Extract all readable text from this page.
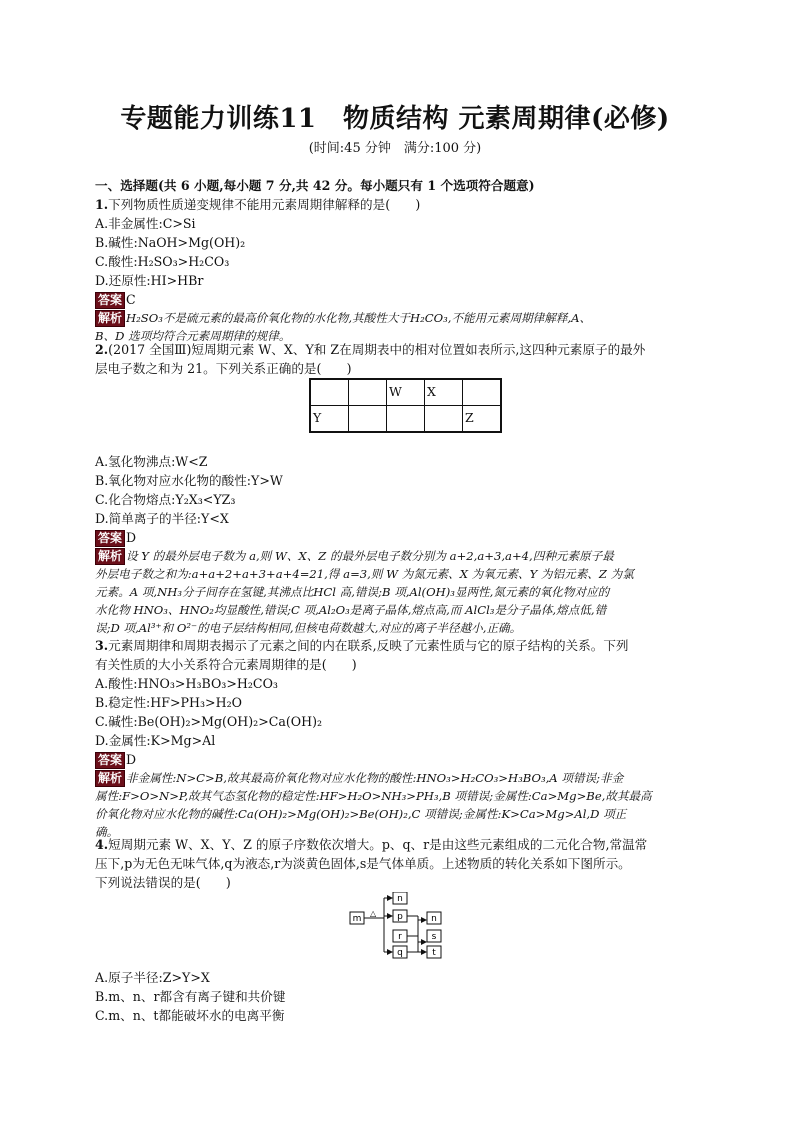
专题能力训练11　物质结构 元素周期律(必修)
(时间:45 分钟　满分:100 分)
一、选择题(共 6 小题,每小题 7 分,共 42 分。每小题只有 1 个选项符合题意)
1.下列物质性质递变规律不能用元素周期律解释的是(　　)
A.非金属性:C>Si
B.碱性:NaOH>Mg(OH)₂
C.酸性:H₂SO₃>H₂CO₃
D.还原性:HI>HBr
答案 C
解析 H₂SO₃不是硫元素的最高价氧化物的水化物,其酸性大于H₂CO₃,不能用元素周期律解释,A、
B、D 选项均符合元素周期律的规律。
2.(2017 全国Ⅲ)短周期元素 W、X、Y和 Z在周期表中的相对位置如表所示,这四种元素原子的最外
层电子数之和为 21。下列关系正确的是(　　)
		W	X	
Y				Z
A.氢化物沸点:W<Z
B.氧化物对应水化物的酸性:Y>W
C.化合物熔点:Y₂X₃<YZ₃
D.简单离子的半径:Y<X
答案 D
解析 设 Y 的最外层电子数为 a,则 W、X、Z 的最外层电子数分别为 a+2,a+3,a+4,四种元素原子最
外层电子数之和为:a+a+2+a+3+a+4=21,得 a=3,则 W 为氮元素、X 为氧元素、Y 为铝元素、Z 为氯
元素。A 项,NH₃分子间存在氢键,其沸点比HCl 高,错误;B 项,Al(OH)₃显两性,氮元素的氧化物对应的
水化物 HNO₃、HNO₂均显酸性,错误;C 项,Al₂O₃是离子晶体,熔点高,而 AlCl₃是分子晶体,熔点低,错
误;D 项,Al³⁺和 O²⁻的电子层结构相同,但核电荷数越大,对应的离子半径越小,正确。
3.元素周期律和周期表揭示了元素之间的内在联系,反映了元素性质与它的原子结构的关系。下列
有关性质的大小关系符合元素周期律的是(　　)
A.酸性:HNO₃>H₃BO₃>H₂CO₃
B.稳定性:HF>PH₃>H₂O
C.碱性:Be(OH)₂>Mg(OH)₂>Ca(OH)₂
D.金属性:K>Mg>Al
答案 D
解析 非金属性:N>C>B,故其最高价氧化物对应水化物的酸性:HNO₃>H₂CO₃>H₃BO₃,A 项错误;非金
属性:F>O>N>P,故其气态氢化物的稳定性:HF>H₂O>NH₃>PH₃,B 项错误;金属性:Ca>Mg>Be,故其最高
价氧化物对应水化物的碱性:Ca(OH)₂>Mg(OH)₂>Be(OH)₂,C 项错误;金属性:K>Ca>Mg>Al,D 项正
确。
4.短周期元素 W、X、Y、Z 的原子序数依次增大。p、q、r是由这些元素组成的二元化合物,常温常
压下,p为无色无味气体,q为液态,r为淡黄色固体,s是气体单质。上述物质的转化关系如下图所示。
下列说法错误的是(　　)
m
△
n
p
r
q
n
s
t
A.原子半径:Z>Y>X
B.m、n、r都含有离子键和共价键
C.m、n、t都能破坏水的电离平衡
